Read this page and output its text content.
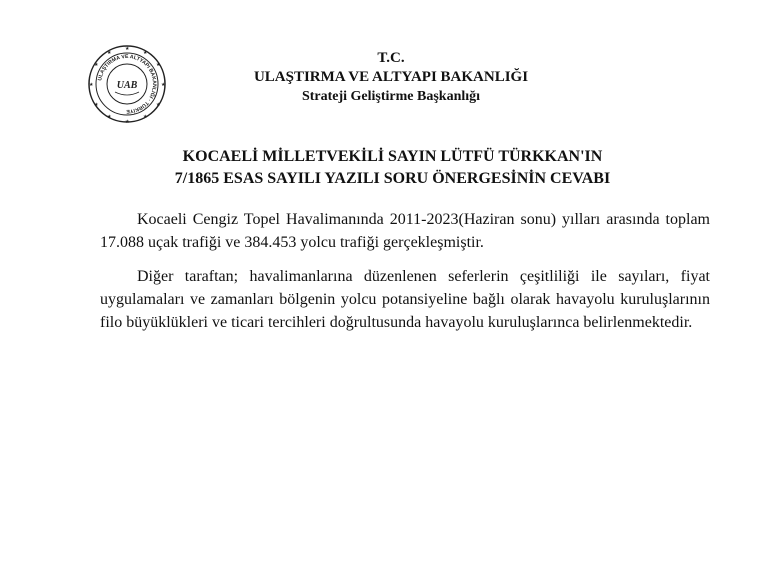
ULAŞTIRMA VE ALTYAPI BAKANLIĞI · TÜRKİYE
★
★
★
★
★
★
★
★
★
★
★
★
UAB
T.C.
ULAŞTIRMA VE ALTYAPI BAKANLIĞI
Strateji Geliştirme Başkanlığı
KOCAELİ MİLLETVEKİLİ SAYIN LÜTFÜ TÜRKKAN'IN
7/1865 ESAS SAYILI YAZILI SORU ÖNERGESİNİN CEVABI

Kocaeli Cengiz Topel Havalimanında 2011-2023(Haziran sonu) yılları arasında toplam 17.088 uçak trafiği ve 384.453 yolcu trafiği gerçekleşmiştir.

Diğer taraftan; havalimanlarına düzenlenen seferlerin çeşitliliği ile sayıları, fiyat uygulamaları ve zamanları bölgenin yolcu potansiyeline bağlı olarak havayolu kuruluşlarının filo büyüklükleri ve ticari tercihleri doğrultusunda havayolu kuruluşlarınca belirlenmektedir.
